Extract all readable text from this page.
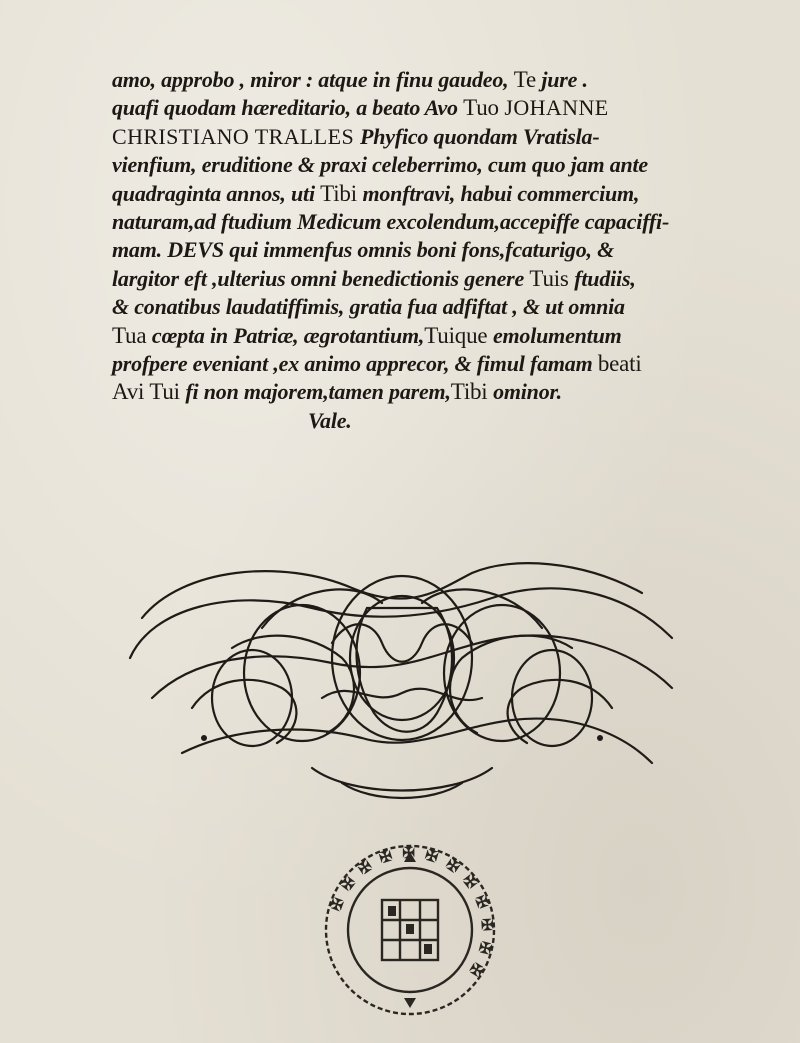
amo, approbo , miror : atque in finu gaudeo, Te jure .
quafi quodam hæreditario, a beato Avo Tuo JOHANNE
CHRISTIANO TRALLES Phyfico quondam Vratisla-
vienfium, eruditione & praxi celeberrimo, cum quo jam ante
quadraginta annos, uti Tibi monftravi, habui commercium,
naturam,ad ftudium Medicum excolendum,accepiffe capaciffi-
mam. DEVS qui immenfus omnis boni fons,fcaturigo, &
largitor eft ,ulterius omni benedictionis genere Tuis ftudiis,
& conatibus laudatiffimis, gratia fua adfiftat , & ut omnia
Tua cœpta in Patriæ, ægrotantium,Tuique emolumentum
profpere eveniant ,ex animo apprecor, & fimul famam beati
Avi Tui fi non majorem,tamen parem,Tibi ominor.
Vale.
✠ ✠ ✠ ✠ ✠ ✠ ✠ ✠ ✠ ✠ ✠ ✠
